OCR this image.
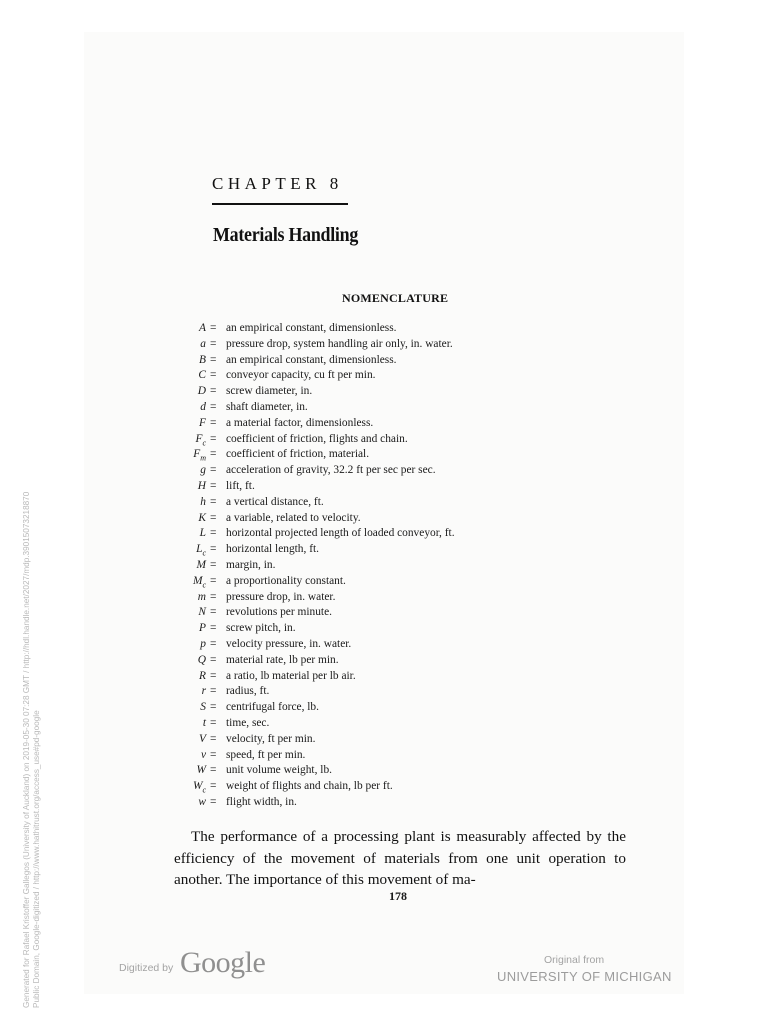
Generated for Rafael Kristoffer Gallegos (University of Auckland) on 2019-05-30 07:28 GMT / http://hdl.handle.net/2027/mdp.39015073218870 Public Domain, Google-digitized / http://www.hathitrust.org/access_use#pd-google
CHAPTER 8
Materials Handling
NOMENCLATURE
A = an empirical constant, dimensionless.
a = pressure drop, system handling air only, in. water.
B = an empirical constant, dimensionless.
C = conveyor capacity, cu ft per min.
D = screw diameter, in.
d = shaft diameter, in.
F = a material factor, dimensionless.
$F_c$ = coefficient of friction, flights and chain.
$F_m$ = coefficient of friction, material.
g = acceleration of gravity, 32.2 ft per sec per sec.
H = lift, ft.
h = a vertical distance, ft.
K = a variable, related to velocity.
L = horizontal projected length of loaded conveyor, ft.
$L_c$ = horizontal length, ft.
M = margin, in.
$M_c = a$ proportionality constant.
m = pressure drop, in. water.
N = revolutions per minute.
P = screw pitch, in.
p = velocity pressure, in. water.
Q = material rate, lb per min.
R = a ratio, lb material per lb air.
r = radius, ft.
S = centrifugal force, lb.
t = time, sec.
V = velocity, ft per min.
v = speed, ft per min.
W = unit volume weight, lb.
$W_c$ = weight of flights and chain, lb per ft.
w = flight width, in.

The performance of a processing plant is measurably affected by the efficiency of the movement of materials from one unit operation to another. The importance of this movement of ma-

178
Digitized by Google	Original from
UNIVERSITY OF MICHIGAN
